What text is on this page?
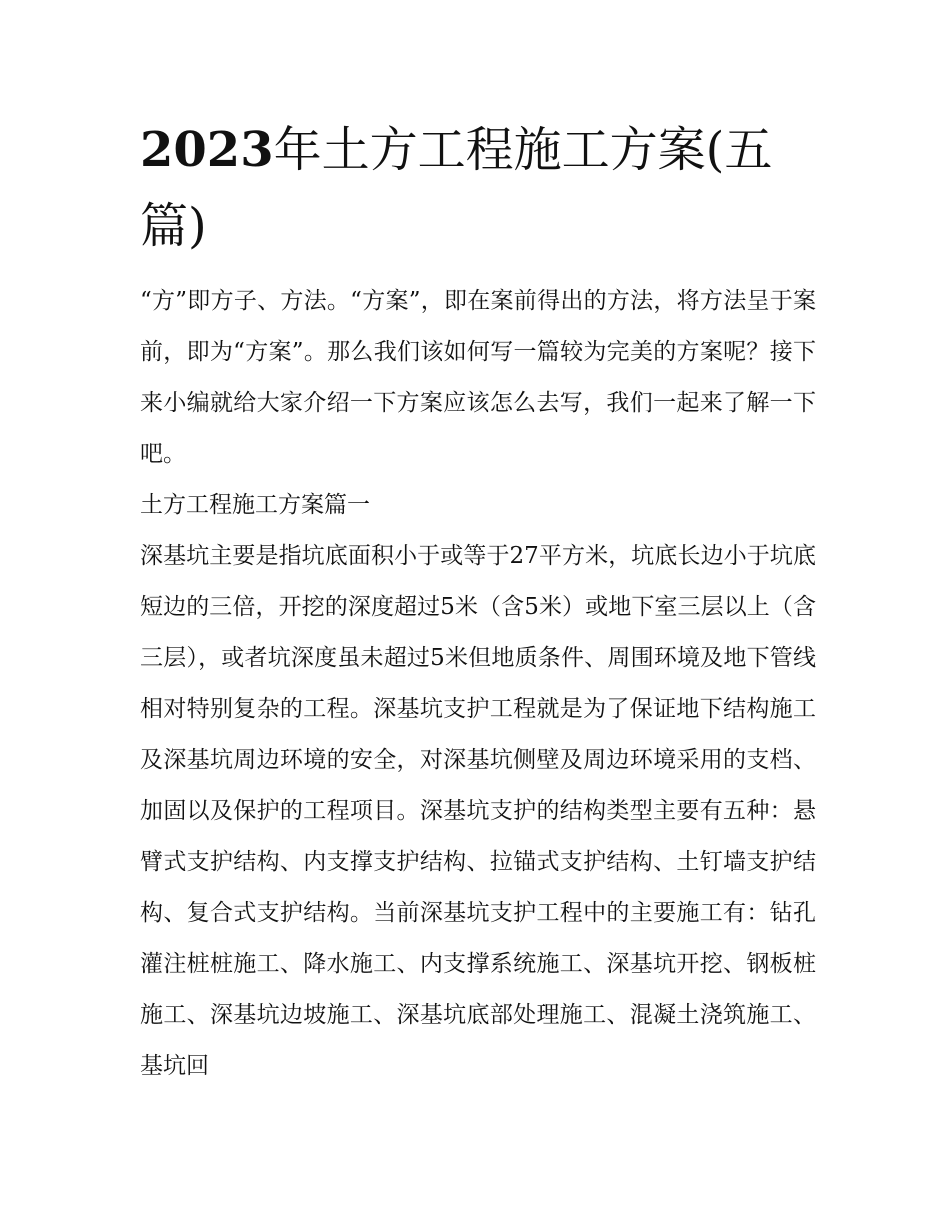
2023年土方工程施工方案(五篇)

“方”即方子、方法。“方案”，即在案前得出的方法，将方法呈于案前，即为“方案”。那么我们该如何写一篇较为完美的方案呢？接下来小编就给大家介绍一下方案应该怎么去写，我们一起来了解一下吧。

土方工程施工方案篇一

深基坑主要是指坑底面积小于或等于27平方米，坑底长边小于坑底短边的三倍，开挖的深度超过5米（含5米）或地下室三层以上（含三层），或者坑深度虽未超过5米但地质条件、周围环境及地下管线相对特别复杂的工程。深基坑支护工程就是为了保证地下结构施工及深基坑周边环境的安全，对深基坑侧壁及周边环境采用的支档、加固以及保护的工程项目。深基坑支护的结构类型主要有五种：悬臂式支护结构、内支撑支护结构、拉锚式支护结构、土钉墙支护结构、复合式支护结构。当前深基坑支护工程中的主要施工有：钻孔灌注桩桩施工、降水施工、内支撑系统施工、深基坑开挖、钢板桩施工、深基坑边坡施工、深基坑底部处理施工、混凝土浇筑施工、基坑回
